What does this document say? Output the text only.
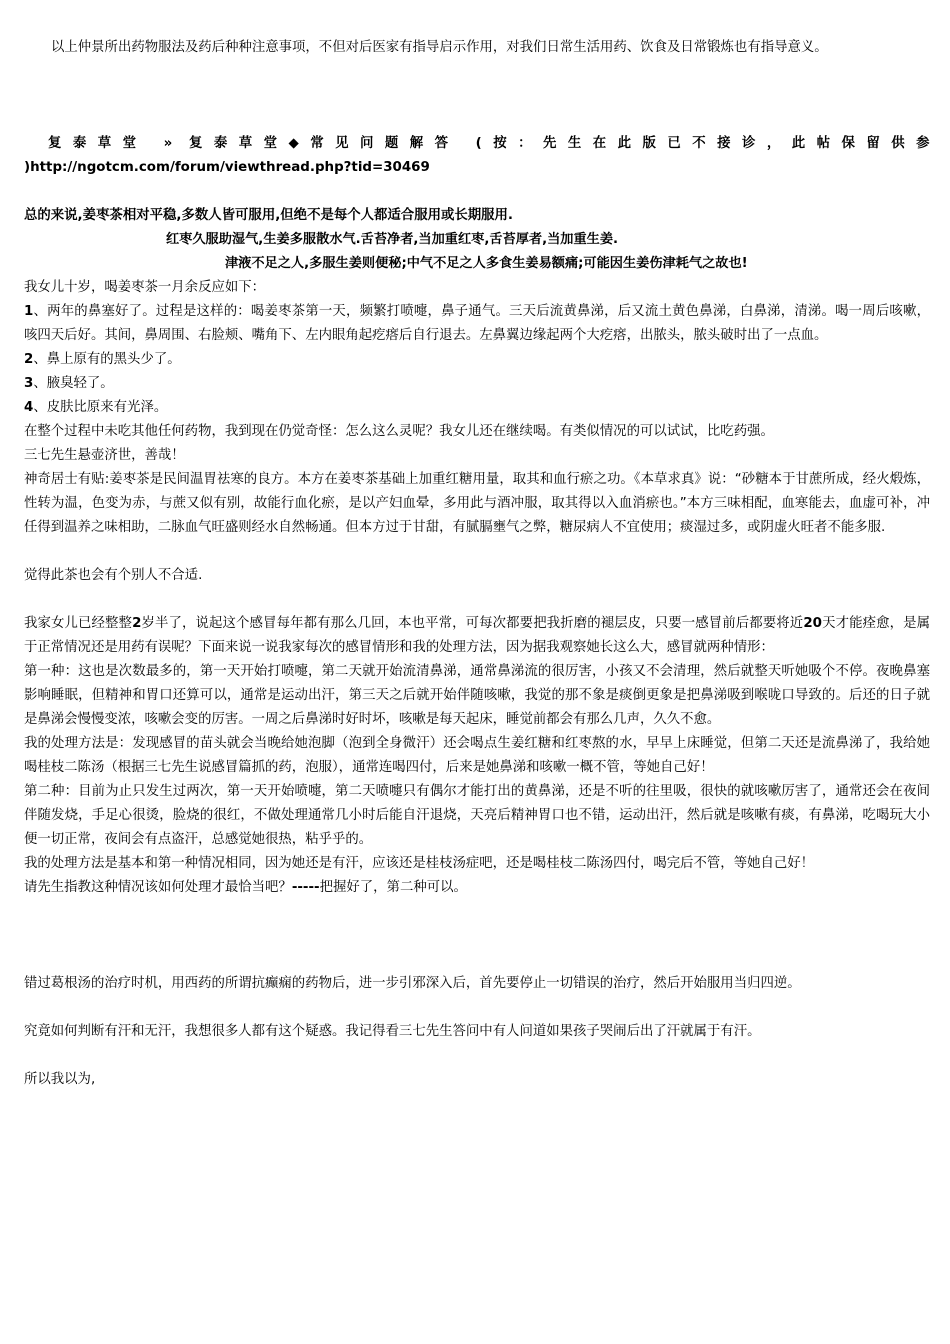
以上仲景所出药物服法及药后种种注意事项，不但对后医家有指导启示作用，对我们日常生活用药、饮食及日常锻炼也有指导意义。

复泰草堂 » 复泰草堂◆常见问题解答 (按：先生在此版已不接诊，此帖保留供参
)http://ngotcm.com/forum/viewthread.php?tid=30469

总的来说,姜枣茶相对平稳,多数人皆可服用,但绝不是每个人都适合服用或长期服用.

红枣久服助湿气,生姜多服散水气.舌苔净者,当加重红枣,舌苔厚者,当加重生姜.

津液不足之人,多服生姜则便秘;中气不足之人多食生姜易额痛;可能因生姜伤津耗气之故也!

我女儿十岁，喝姜枣茶一月余反应如下：

1、两年的鼻塞好了。过程是这样的：喝姜枣茶第一天，频繁打喷嚏，鼻子通气。三天后流黄鼻涕，后又流土黄色鼻涕，白鼻涕，清涕。喝一周后咳嗽，咳四天后好。其间，鼻周围、右脸颊、嘴角下、左内眼角起疙瘩后自行退去。左鼻翼边缘起两个大疙瘩，出脓头，脓头破时出了一点血。

2、鼻上原有的黑头少了。

3、腋臭轻了。

4、皮肤比原来有光泽。

在整个过程中未吃其他任何药物，我到现在仍觉奇怪：怎么这么灵呢？我女儿还在继续喝。有类似情况的可以试试，比吃药强。

三七先生悬壶济世，善哉！

神奇居士有贴:姜枣茶是民间温胃祛寒的良方。本方在姜枣茶基础上加重红糖用量，取其和血行瘀之功。《本草求真》说：“砂糖本于甘蔗所成，经火煅炼，性转为温，色变为赤，与蔗又似有别，故能行血化瘀，是以产妇血晕，多用此与酒冲服，取其得以入血消瘀也。”本方三味相配，血寒能去，血虚可补，冲任得到温养之味相助，二脉血气旺盛则经水自然畅通。但本方过于甘甜，有腻膈壅气之弊，糖尿病人不宜使用；痰湿过多，或阴虚火旺者不能多服.

觉得此茶也会有个别人不合适.

我家女儿已经整整2岁半了，说起这个感冒每年都有那么几回，本也平常，可每次都要把我折磨的褪层皮，只要一感冒前后都要将近20天才能痊愈，是属于正常情况还是用药有误呢？下面来说一说我家每次的感冒情形和我的处理方法，因为据我观察她长这么大，感冒就两种情形：

第一种：这也是次数最多的，第一天开始打喷嚏，第二天就开始流清鼻涕，通常鼻涕流的很厉害，小孩又不会清理，然后就整天听她吸个不停。夜晚鼻塞影响睡眠，但精神和胃口还算可以，通常是运动出汗，第三天之后就开始伴随咳嗽，我觉的那不象是痰倒更象是把鼻涕吸到喉咙口导致的。后还的日子就是鼻涕会慢慢变浓，咳嗽会变的厉害。一周之后鼻涕时好时坏，咳嗽是每天起床，睡觉前都会有那么几声，久久不愈。

我的处理方法是：发现感冒的苗头就会当晚给她泡脚（泡到全身微汗）还会喝点生姜红糖和红枣熬的水，早早上床睡觉，但第二天还是流鼻涕了，我给她喝桂枝二陈汤（根据三七先生说感冒篇抓的药，泡服），通常连喝四付，后来是她鼻涕和咳嗽一概不管，等她自己好！

第二种：目前为止只发生过两次，第一天开始喷嚏，第二天喷嚏只有偶尔才能打出的黄鼻涕，还是不听的往里吸，很快的就咳嗽厉害了，通常还会在夜间伴随发烧，手足心很烫，脸烧的很红，不做处理通常几小时后能自汗退烧，天亮后精神胃口也不错，运动出汗，然后就是咳嗽有痰，有鼻涕，吃喝玩大小便一切正常，夜间会有点盗汗，总感觉她很热，粘乎乎的。

我的处理方法是基本和第一种情况相同，因为她还是有汗，应该还是桂枝汤症吧，还是喝桂枝二陈汤四付，喝完后不管，等她自己好！

请先生指教这种情况该如何处理才最恰当吧？-----把握好了，第二种可以。

错过葛根汤的治疗时机，用西药的所谓抗癫痫的药物后，进一步引邪深入后，首先要停止一切错误的治疗，然后开始服用当归四逆。

究竟如何判断有汗和无汗，我想很多人都有这个疑惑。我记得看三七先生答问中有人问道如果孩子哭闹后出了汗就属于有汗。

所以我以为,
